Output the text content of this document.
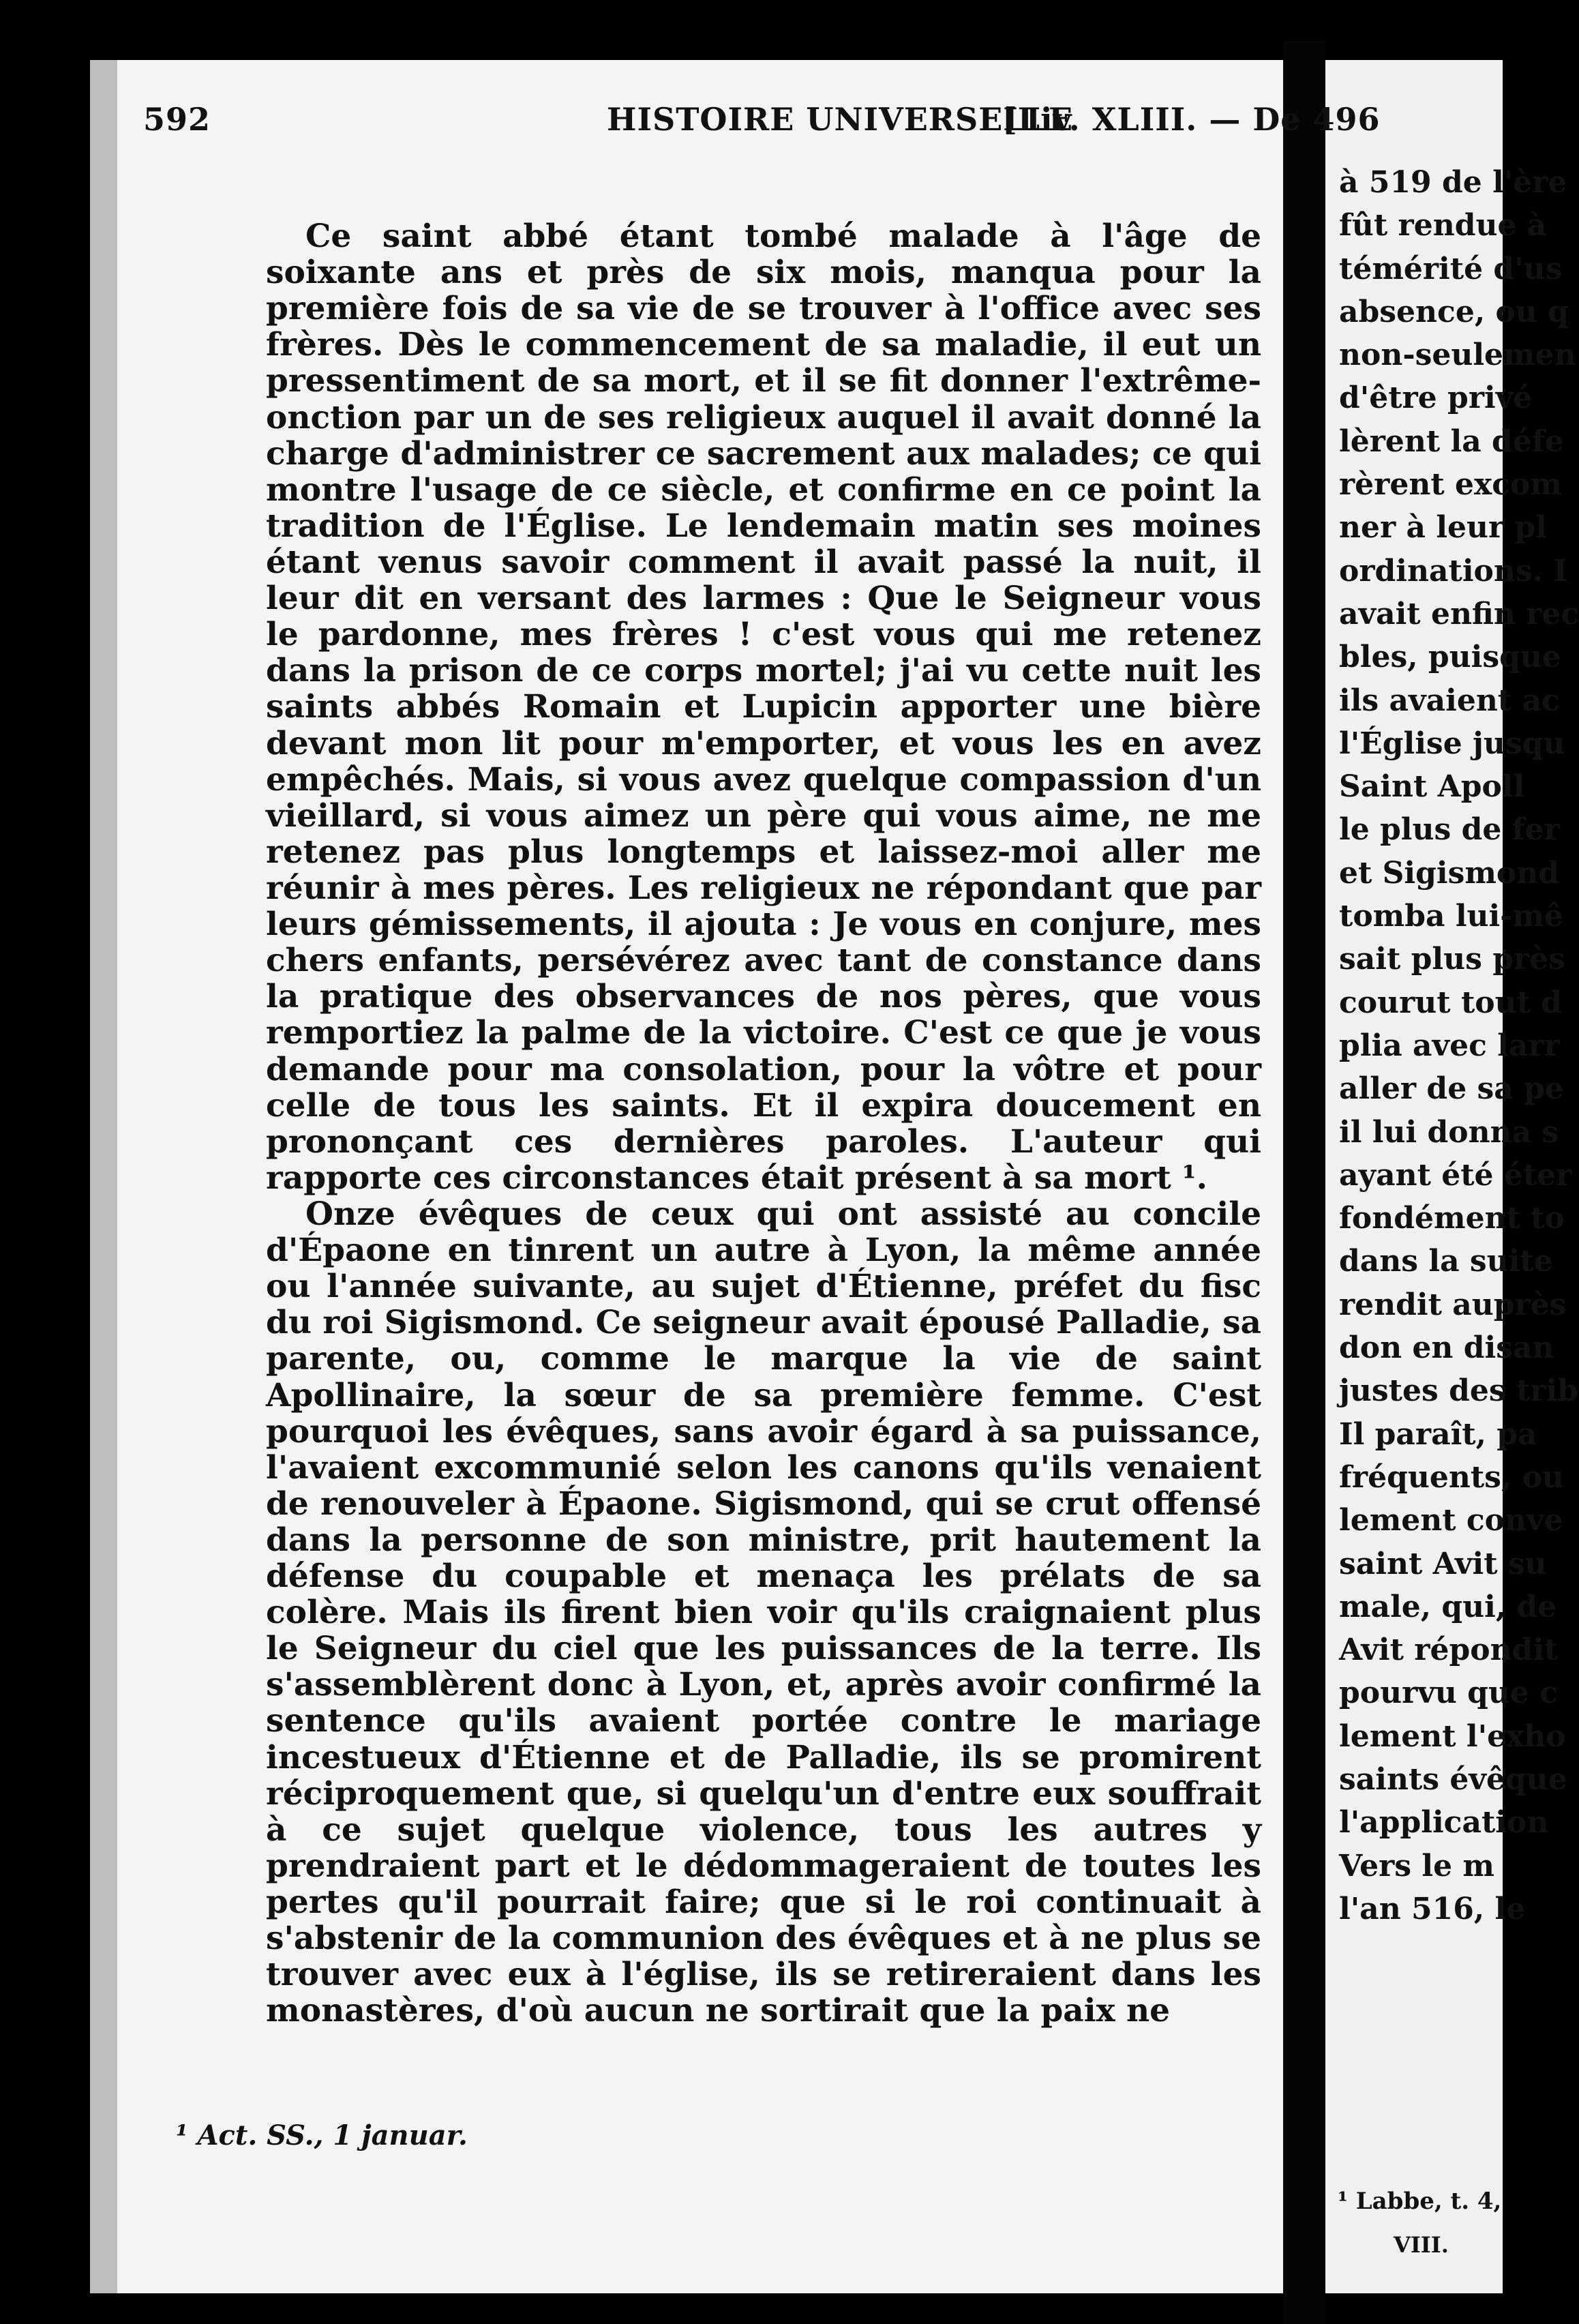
à 519 de l'ère
fût rendue à
témérité d'us
absence, ou q
non-seulemen
d'être privé
lèrent la défe
rèrent excom
ner à leur pl
ordinations. I
avait enfin rec
bles, puisque
ils avaient ac
l'Église jusqu
Saint Apoll
le plus de fer
et Sigismond
tomba lui-mê
sait plus près
courut tout d
plia avec larr
aller de sa pe
il lui donna s
ayant été éter
fondément to
dans la suite
rendit auprès
don en disan
justes des trib
Il paraît, pa
fréquents, ou
lement conve
saint Avit su
male, qui, de
Avit répondit
pourvu que c
lement l'exho
saints évêque
l'application
Vers le m
l'an 516, le
¹ Labbe, t. 4,
VIII.
592	HISTOIRE UNIVERSELLE
[Liv. XLIII. — De 496

Ce saint abbé étant tombé malade à l'âge de soixante ans et près de six mois, manqua pour la première fois de sa vie de se trouver à l'office avec ses frères. Dès le commencement de sa maladie, il eut un pressentiment de sa mort, et il se fit donner l'extrême-onction par un de ses religieux auquel il avait donné la charge d'administrer ce sacrement aux malades; ce qui montre l'usage de ce siècle, et confirme en ce point la tradition de l'Église. Le lendemain matin ses moines étant venus savoir comment il avait passé la nuit, il leur dit en versant des larmes : Que le Seigneur vous le pardonne, mes frères ! c'est vous qui me retenez dans la prison de ce corps mortel; j'ai vu cette nuit les saints abbés Romain et Lupicin apporter une bière devant mon lit pour m'emporter, et vous les en avez empêchés. Mais, si vous avez quelque compassion d'un vieillard, si vous aimez un père qui vous aime, ne me retenez pas plus longtemps et laissez-moi aller me réunir à mes pères. Les religieux ne répondant que par leurs gémissements, il ajouta : Je vous en conjure, mes chers enfants, persévérez avec tant de constance dans la pratique des observances de nos pères, que vous remportiez la palme de la victoire. C'est ce que je vous demande pour ma consolation, pour la vôtre et pour celle de tous les saints. Et il expira doucement en prononçant ces dernières paroles. L'auteur qui rapporte ces circonstances était présent à sa mort ¹.

Onze évêques de ceux qui ont assisté au concile d'Épaone en tinrent un autre à Lyon, la même année ou l'année suivante, au sujet d'Étienne, préfet du fisc du roi Sigismond. Ce seigneur avait épousé Palladie, sa parente, ou, comme le marque la vie de saint Apollinaire, la sœur de sa première femme. C'est pourquoi les évêques, sans avoir égard à sa puissance, l'avaient excommunié selon les canons qu'ils venaient de renouveler à Épaone. Sigismond, qui se crut offensé dans la personne de son ministre, prit hautement la défense du coupable et menaça les prélats de sa colère. Mais ils firent bien voir qu'ils craignaient plus le Seigneur du ciel que les puissances de la terre. Ils s'assemblèrent donc à Lyon, et, après avoir confirmé la sentence qu'ils avaient portée contre le mariage incestueux d'Étienne et de Palladie, ils se promirent réciproquement que, si quelqu'un d'entre eux souffrait à ce sujet quelque violence, tous les autres y prendraient part et le dédommageraient de toutes les pertes qu'il pourrait faire; que si le roi continuait à s'abstenir de la communion des évêques et à ne plus se trouver avec eux à l'église, ils se retireraient dans les monastères, d'où aucun ne sortirait que la paix ne

¹ Act. SS., 1 januar.
